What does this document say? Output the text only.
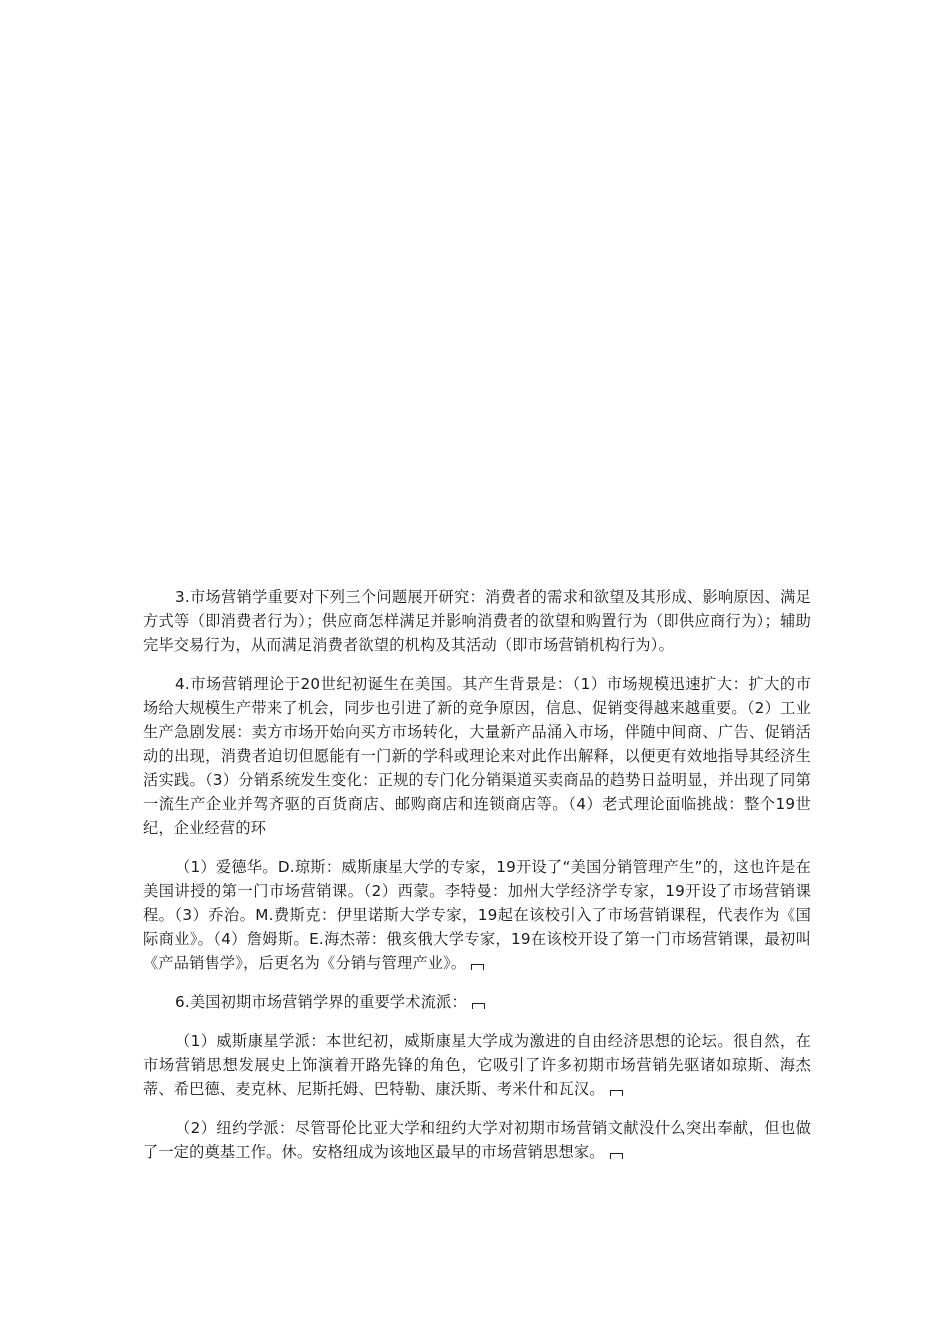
3.市场营销学重要对下列三个问题展开研究：消费者的需求和欲望及其形成、影响原因、满足方式等（即消费者行为）；供应商怎样满足并影响消费者的欲望和购置行为（即供应商行为）；辅助完毕交易行为，从而满足消费者欲望的机构及其活动（即市场营销机构行为）。

4.市场营销理论于20世纪初诞生在美国。其产生背景是：（1）市场规模迅速扩大：扩大的市场给大规模生产带来了机会，同步也引进了新的竞争原因，信息、促销变得越来越重要。（2）工业生产急剧发展：卖方市场开始向买方市场转化，大量新产品涌入市场，伴随中间商、广告、促销活动的出现，消费者迫切但愿能有一门新的学科或理论来对此作出解释，以便更有效地指导其经济生活实践。（3）分销系统发生变化：正规的专门化分销渠道买卖商品的趋势日益明显，并出现了同第一流生产企业并驾齐驱的百货商店、邮购商店和连锁商店等。（4）老式理论面临挑战：整个19世纪，企业经营的环

（1）爱德华。D.琼斯：威斯康星大学的专家，19开设了“美国分销管理产生”的，这也许是在美国讲授的第一门市场营销课。（2）西蒙。李特曼：加州大学经济学专家，19开设了市场营销课程。（3）乔治。M.费斯克：伊里诺斯大学专家，19起在该校引入了市场营销课程，代表作为《国际商业》。（4）詹姆斯。E.海杰蒂：俄亥俄大学专家，19在该校开设了第一门市场营销课，最初叫《产品销售学》，后更名为《分销与管理产业》。

6.美国初期市场营销学界的重要学术流派：

（1）威斯康星学派：本世纪初，威斯康星大学成为激进的自由经济思想的论坛。很自然，在市场营销思想发展史上饰演着开路先锋的角色，它吸引了许多初期市场营销先驱诸如琼斯、海杰蒂、希巴德、麦克林、尼斯托姆、巴特勒、康沃斯、考米什和瓦汉。

（2）纽约学派：尽管哥伦比亚大学和纽约大学对初期市场营销文献没什么突出奉献，但也做了一定的奠基工作。休。安格纽成为该地区最早的市场营销思想家。
